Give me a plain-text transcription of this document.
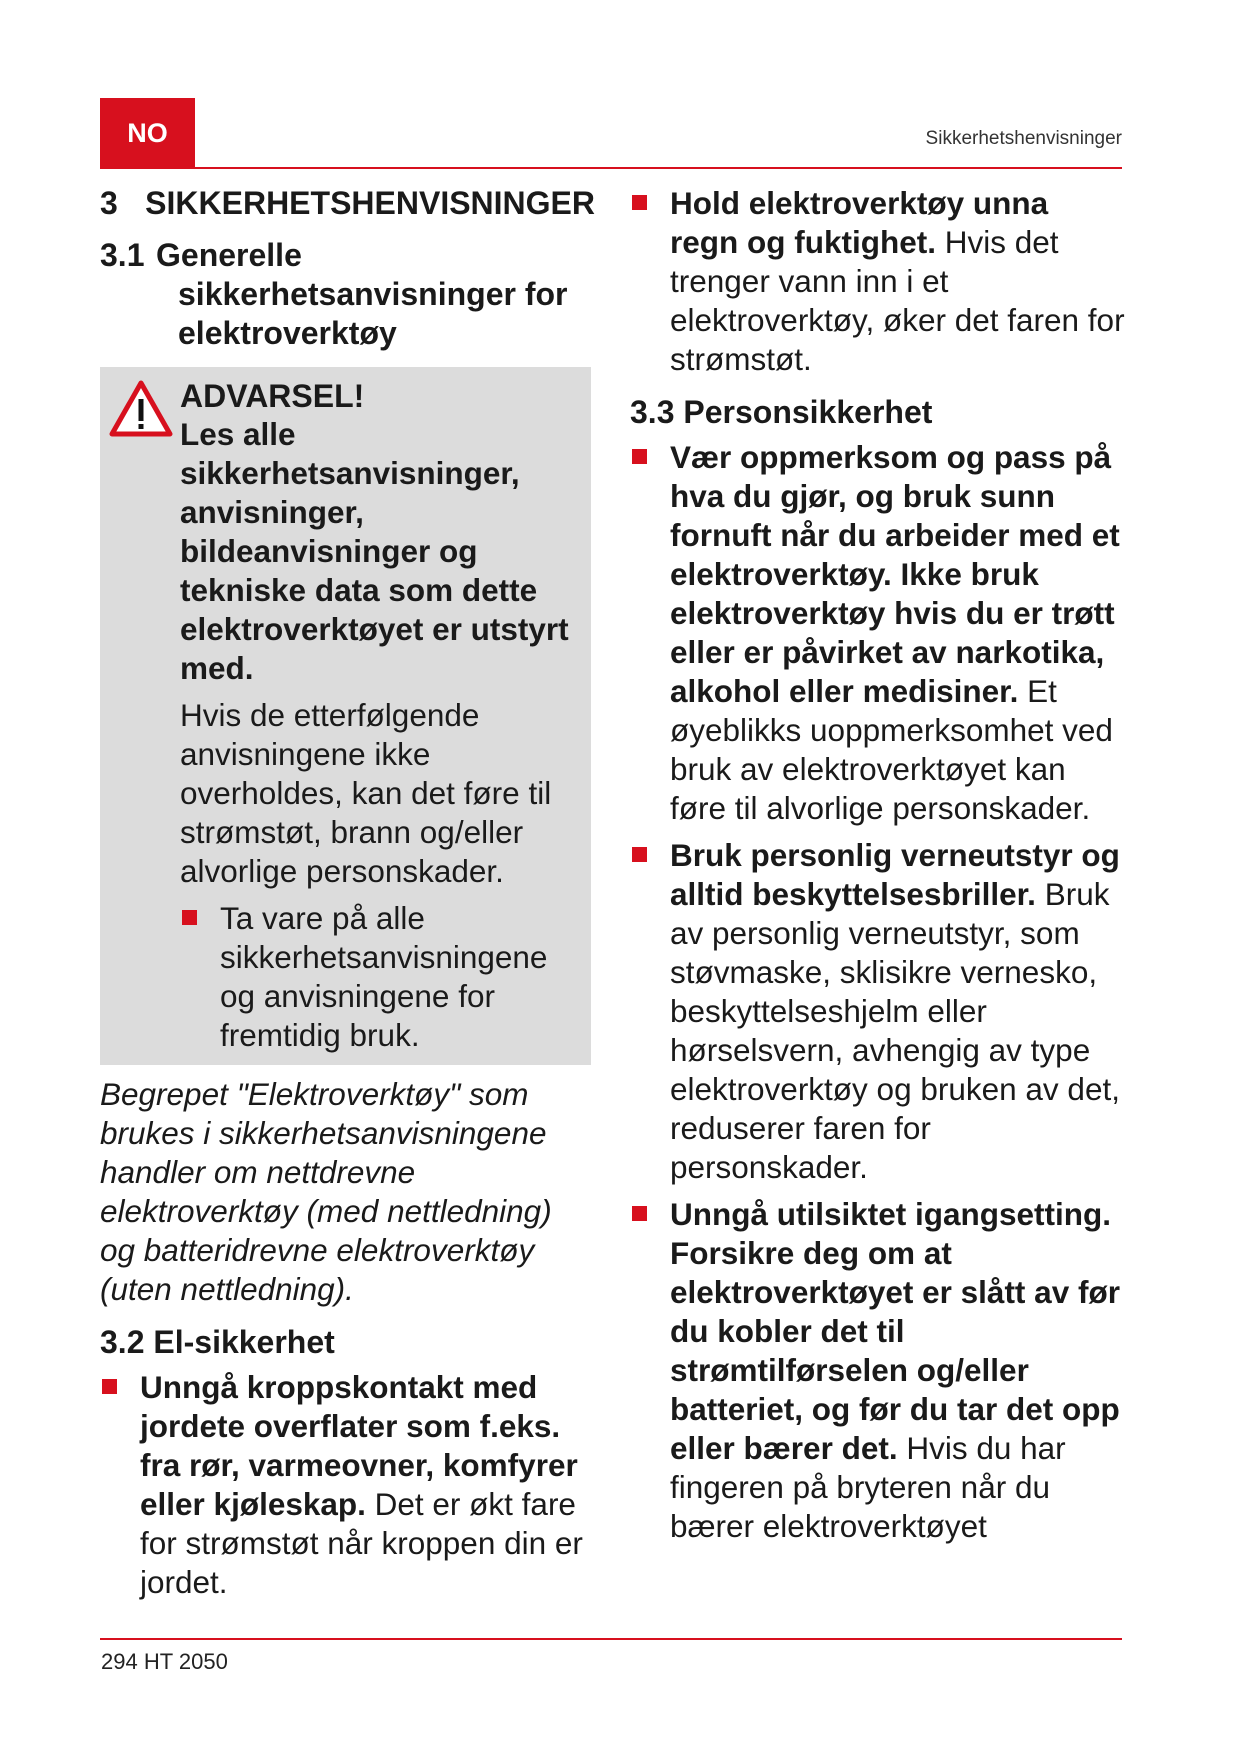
NO	Sikkerhetshenvisninger
3 SIKKERHETSHENVISNINGER
3.1 Generelle
sikkerhetsanvisninger for
elektroverktøy

ADVARSEL!

Les alle sikkerhetsanvisninger, anvisninger, bildeanvisninger og tekniske data som dette elektroverktøyet er utstyrt med.

Hvis de etterfølgende anvisningene ikke overholdes, kan det føre til strømstøt, brann og/eller alvorlige personskader.

Ta vare på alle sikkerhetsanvisningene og anvisningene for fremtidig bruk.

Begrepet "Elektroverktøy" som brukes i sikkerhetsanvisningene handler om nettdrevne elektroverktøy (med nettledning) og batteridrevne elektroverktøy (uten nettledning).

3.2 El-sikkerhet
Unngå kroppskontakt med jordete overflater som f.eks. fra rør, varmeovner, komfyrer eller kjøleskap. Det er økt fare for strømstøt når kroppen din er jordet.
Hold elektroverktøy unna regn og fuktighet. Hvis det trenger vann inn i et elektroverktøy, øker det faren for strømstøt.
3.3 Personsikkerhet
Vær oppmerksom og pass på hva du gjør, og bruk sunn fornuft når du arbeider med et elektroverktøy. Ikke bruk elektroverktøy hvis du er trøtt eller er påvirket av narkotika, alkohol eller medisiner. Et øyeblikks uoppmerksomhet ved bruk av elektroverktøyet kan føre til alvorlige personskader.
Bruk personlig verneutstyr og alltid beskyttelsesbriller. Bruk av personlig verneutstyr, som støvmaske, sklisikre vernesko, beskyttelseshjelm eller hørselsvern, avhengig av type elektroverktøy og bruken av det, reduserer faren for personskader.
Unngå utilsiktet igangsetting. Forsikre deg om at elektroverktøyet er slått av før du kobler det til strømtilførselen og/eller batteriet, og før du tar det opp eller bærer det. Hvis du har fingeren på bryteren når du bærer elektroverktøyet
294 HT 2050
